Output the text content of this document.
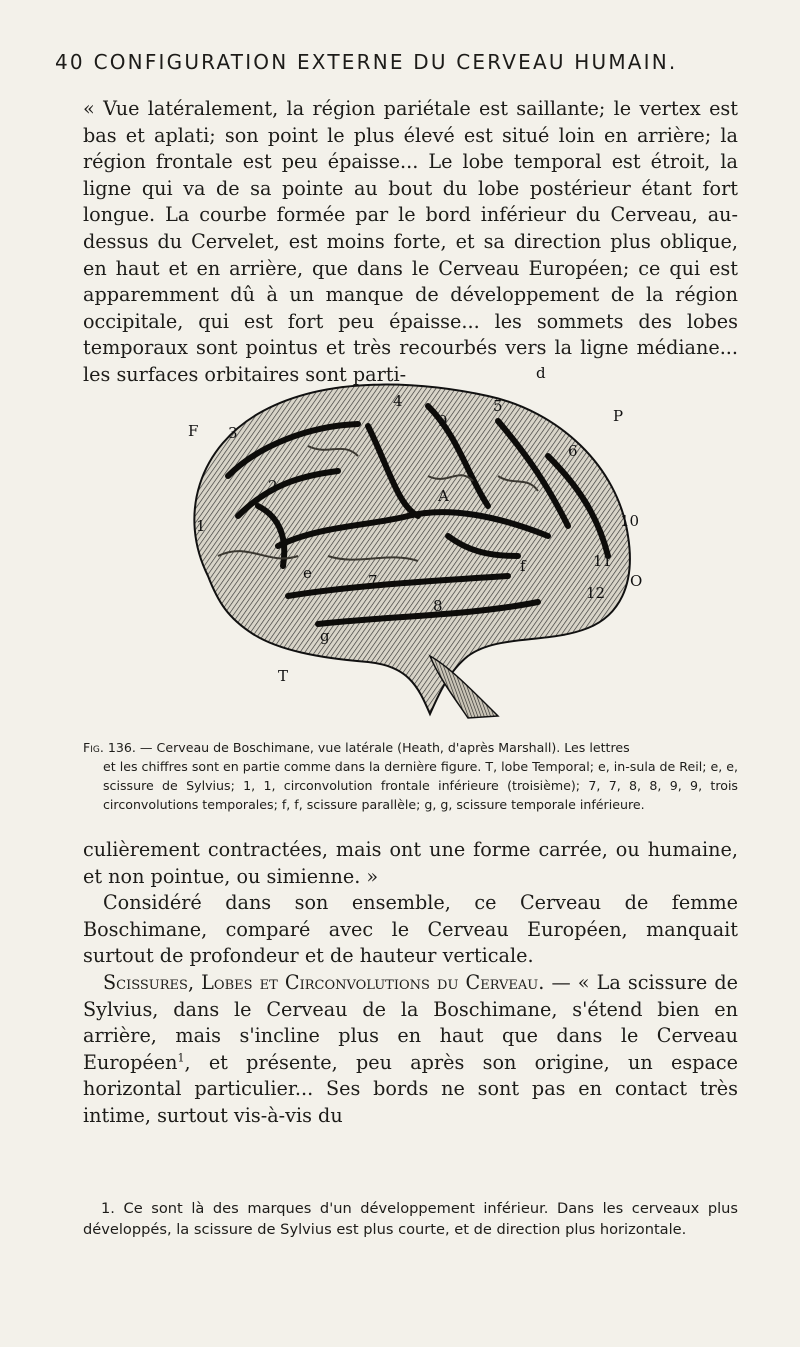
40 CONFIGURATION EXTERNE DU CERVEAU HUMAIN.

« Vue latéralement, la région pariétale est saillante; le vertex est bas et aplati; son point le plus élevé est situé loin en arrière; la région frontale est peu épaisse... Le lobe temporal est étroit, la ligne qui va de sa pointe au bout du lobe postérieur étant fort longue. La courbe formée par le bord inférieur du Cerveau, au-dessus du Cervelet, est moins forte, et sa direction plus oblique, en haut et en arrière, que dans le Cerveau Européen; ce qui est apparemment dû à un manque de développement de la région occipitale, qui est fort peu épaisse... les sommets des lobes temporaux sont pointus et très recourbés vers la ligne médiane... les surfaces orbitaires sont parti-

F
P
T
O
d
2
3
4	5
6
7
8
9
10
11
12
1
A
e	f
g
Fig. 136. — Cerveau de Boschimane, vue latérale (Heath, d'après Marshall). Les lettres
et les chiffres sont en partie comme dans la dernière figure. T, lobe Temporal; e, in-sula de Reil; e, e, scissure de Sylvius; 1, 1, circonvolution frontale inférieure (troisième); 7, 7, 8, 8, 9, 9, trois circonvolutions temporales; f, f, scissure parallèle; g, g, scissure temporale inférieure.

culièrement contractées, mais ont une forme carrée, ou humaine, et non pointue, ou simienne. »

Considéré dans son ensemble, ce Cerveau de femme Boschimane, comparé avec le Cerveau Européen, manquait surtout de profondeur et de hauteur verticale.

Scissures, Lobes et Circonvolutions du Cerveau. — « La scissure de Sylvius, dans le Cerveau de la Boschimane, s'étend bien en arrière, mais s'incline plus en haut que dans le Cerveau Européen$^1$, et présente, peu après son origine, un espace horizontal particulier... Ses bords ne sont pas en contact très intime, surtout vis-à-vis du

1. Ce sont là des marques d'un développement inférieur. Dans les cerveaux plus développés, la scissure de Sylvius est plus courte, et de direction plus horizontale.
